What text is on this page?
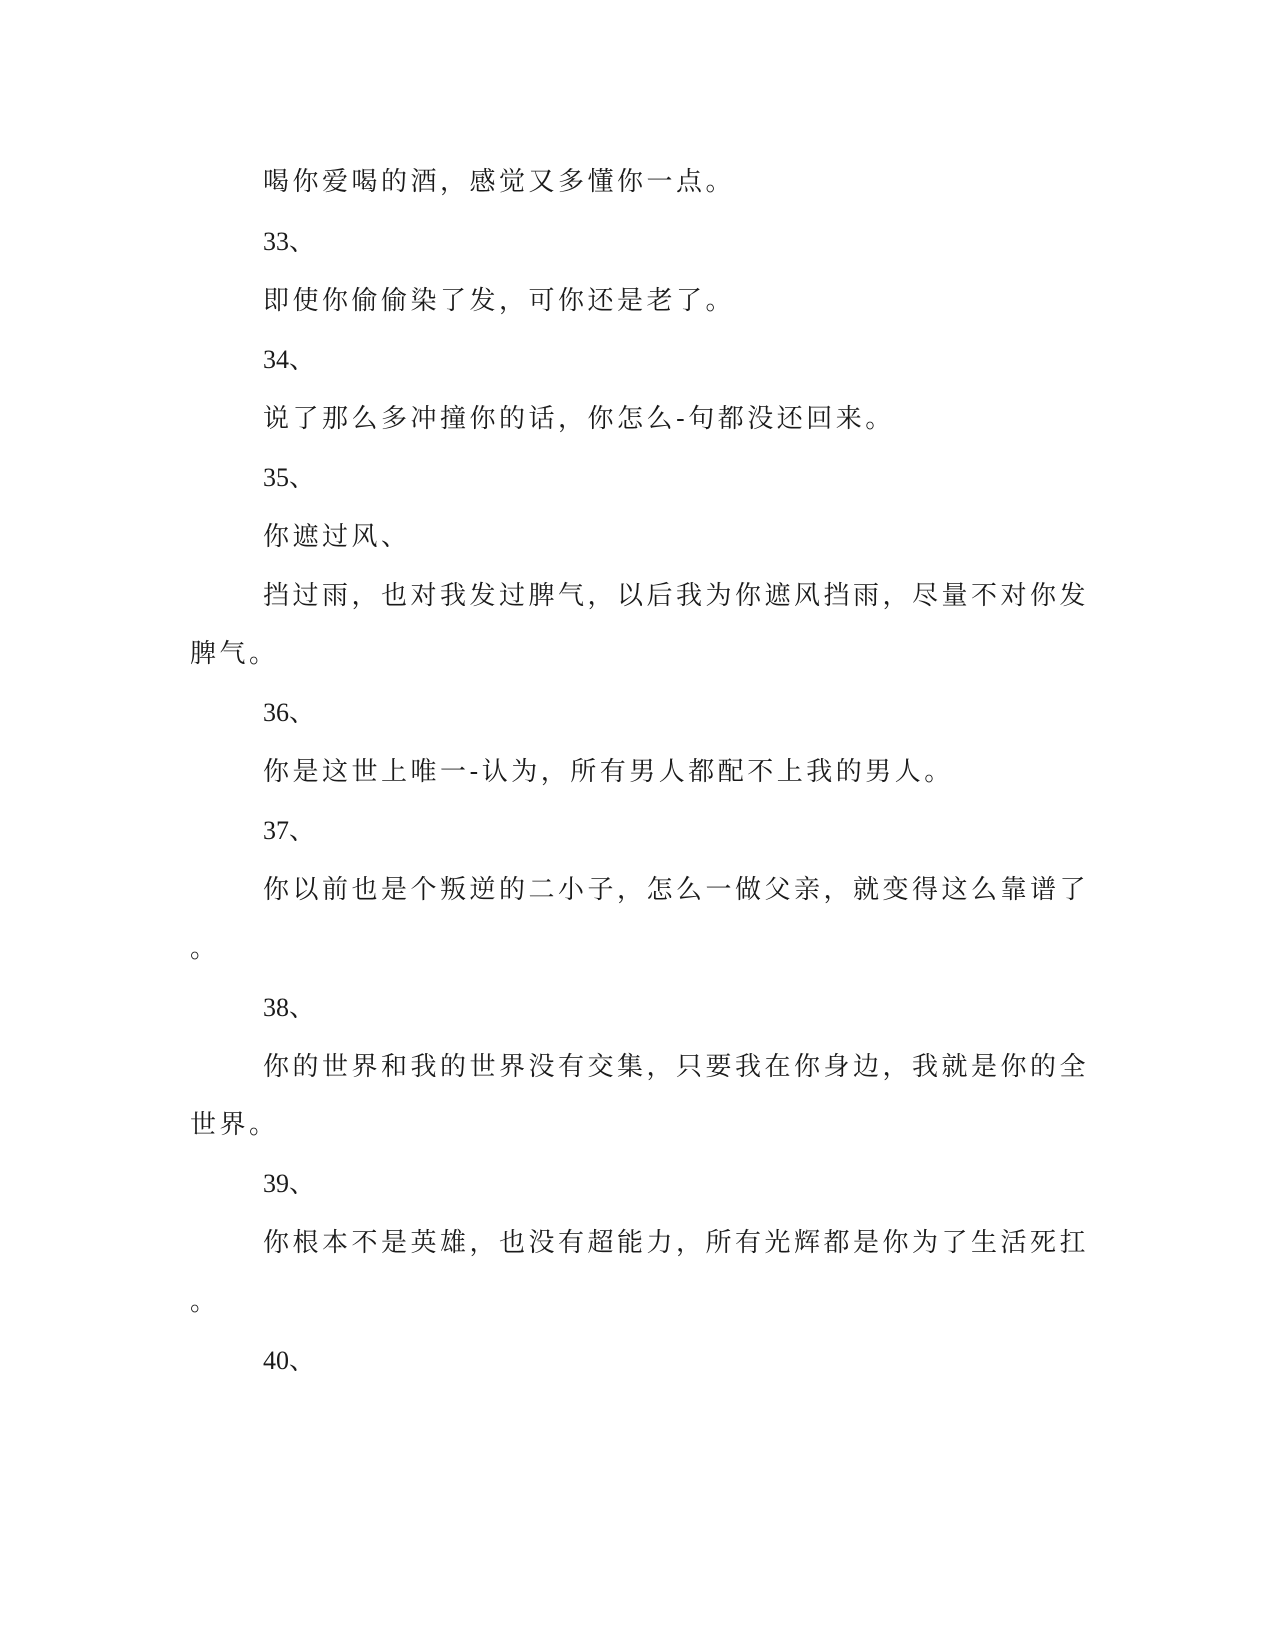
喝你爱喝的酒，感觉又多懂你一点。
33、
即使你偷偷染了发，可你还是老了。
34、
说了那么多冲撞你的话，你怎么-句都没还回来。
35、
你遮过风、
挡过雨，也对我发过脾气，以后我为你遮风挡雨，尽量不对你发
脾气。
36、
你是这世上唯一-认为，所有男人都配不上我的男人。
37、
你以前也是个叛逆的二小子，怎么一做父亲，就变得这么靠谱了
。
38、
你的世界和我的世界没有交集，只要我在你身边，我就是你的全
世界。
39、
你根本不是英雄，也没有超能力，所有光辉都是你为了生活死扛
。
40、
